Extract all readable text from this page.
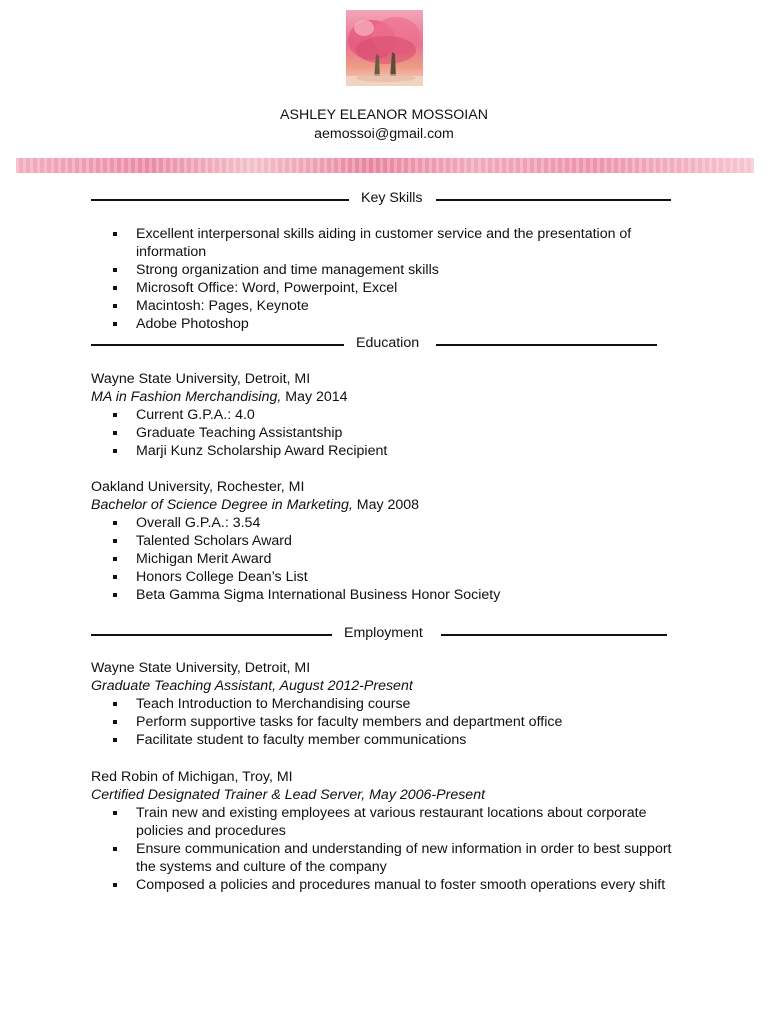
ASHLEY ELEANOR MOSSOIAN
aemossoi@gmail.com
Key Skills
Excellent interpersonal skills aiding in customer service and the presentation of information
Strong organization and time management skills
Microsoft Office: Word, Powerpoint, Excel
Macintosh: Pages, Keynote
Adobe Photoshop
Education
Wayne State University, Detroit, MI
MA in Fashion Merchandising, May 2014
Current G.P.A.: 4.0
Graduate Teaching Assistantship
Marji Kunz Scholarship Award Recipient
Oakland University, Rochester, MI
Bachelor of Science Degree in Marketing, May 2008
Overall G.P.A.: 3.54
Talented Scholars Award
Michigan Merit Award
Honors College Dean’s List
Beta Gamma Sigma International Business Honor Society
Employment
Wayne State University, Detroit, MI
Graduate Teaching Assistant, August 2012-Present
Teach Introduction to Merchandising course
Perform supportive tasks for faculty members and department office
Facilitate student to faculty member communications
Red Robin of Michigan, Troy, MI
Certified Designated Trainer & Lead Server, May 2006-Present
Train new and existing employees at various restaurant locations about corporate policies and procedures
Ensure communication and understanding of new information in order to best support the systems and culture of the company
Composed a policies and procedures manual to foster smooth operations every shift
